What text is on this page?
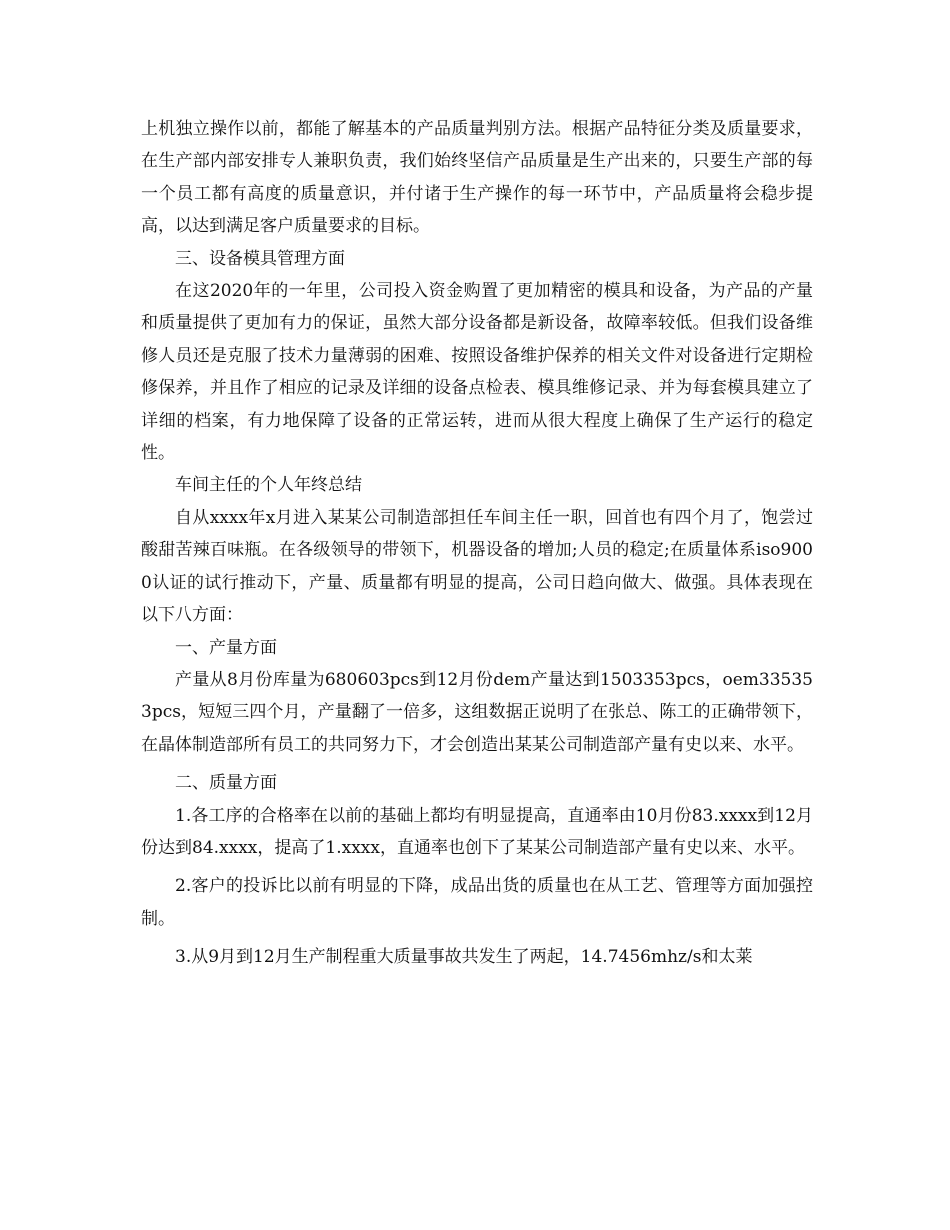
上机独立操作以前，都能了解基本的产品质量判别方法。根据产品特征分类及质量要求，在生产部内部安排专人兼职负责，我们始终坚信产品质量是生产出来的，只要生产部的每一个员工都有高度的质量意识，并付诸于生产操作的每一环节中，产品质量将会稳步提高，以达到满足客户质量要求的目标。

三、设备模具管理方面

在这2020年的一年里，公司投入资金购置了更加精密的模具和设备，为产品的产量和质量提供了更加有力的保证，虽然大部分设备都是新设备，故障率较低。但我们设备维修人员还是克服了技术力量薄弱的困难、按照设备维护保养的相关文件对设备进行定期检修保养，并且作了相应的记录及详细的设备点检表、模具维修记录、并为每套模具建立了详细的档案，有力地保障了设备的正常运转，进而从很大程度上确保了生产运行的稳定性。

车间主任的个人年终总结

自从xxxx年x月进入某某公司制造部担任车间主任一职，回首也有四个月了，饱尝过酸甜苦辣百味瓶。在各级领导的带领下，机器设备的增加;人员的稳定;在质量体系iso9000认证的试行推动下，产量、质量都有明显的提高，公司日趋向做大、做强。具体表现在以下八方面：

一、产量方面

产量从8月份库量为680603pcs到12月份dem产量达到1503353pcs，oem335353pcs，短短三四个月，产量翻了一倍多，这组数据正说明了在张总、陈工的正确带领下，在晶体制造部所有员工的共同努力下，才会创造出某某公司制造部产量有史以来、水平。

二、质量方面

1.各工序的合格率在以前的基础上都均有明显提高，直通率由10月份83.xxxx到12月份达到84.xxxx，提高了1.xxxx，直通率也创下了某某公司制造部产量有史以来、水平。

2.客户的投诉比以前有明显的下降，成品出货的质量也在从工艺、管理等方面加强控制。

3.从9月到12月生产制程重大质量事故共发生了两起，14.7456mhz/s和太莱
